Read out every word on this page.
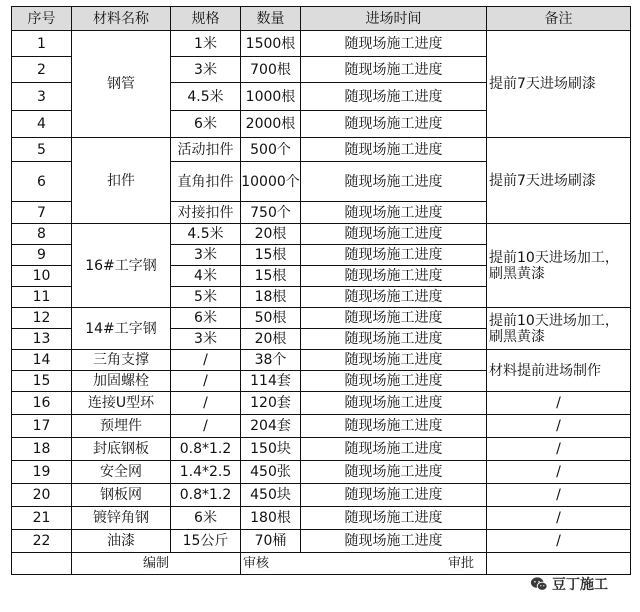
序号	材料名称	规格	数量	进场时间	备注
1	钢管	1米	1500根	随现场施工进度	提前7天进场刷漆
2		3米	700根	随现场施工进度	
3		4.5米	1000根	随现场施工进度	
4		6米	2000根	随现场施工进度	
5	扣件	活动扣件	500个	随现场施工进度	提前7天进场刷漆
6		直角扣件	10000个	随现场施工进度	
7		对接扣件	750个	随现场施工进度	
8	16#工字钢	4.5米	20根	随现场施工进度	提前10天进场加工，刷黑黄漆
9		3米	15根	随现场施工进度	
10		4米	15根	随现场施工进度	
11		5米	18根	随现场施工进度	
12	14#工字钢	6米	50根	随现场施工进度	提前10天进场加工，刷黑黄漆
13		3米	20根	随现场施工进度	
14	三角支撑	/	38个	随现场施工进度	材料提前进场制作
15	加固螺栓	/	114套	随现场施工进度	
16	连接U型环	/	120套	随现场施工进度	/
17	预埋件	/	204套	随现场施工进度	/
18	封底钢板	0.8*1.2	150块	随现场施工进度	/
19	安全网	1.4*2.5	450张	随现场施工进度	/
20	钢板网	0.8*1.2	450块	随现场施工进度	/
21	镀锌角钢	6米	180根	随现场施工进度	/
22	油漆	15公斤	70桶	随现场施工进度	/
	编制		审核 审批		

豆丁施工
